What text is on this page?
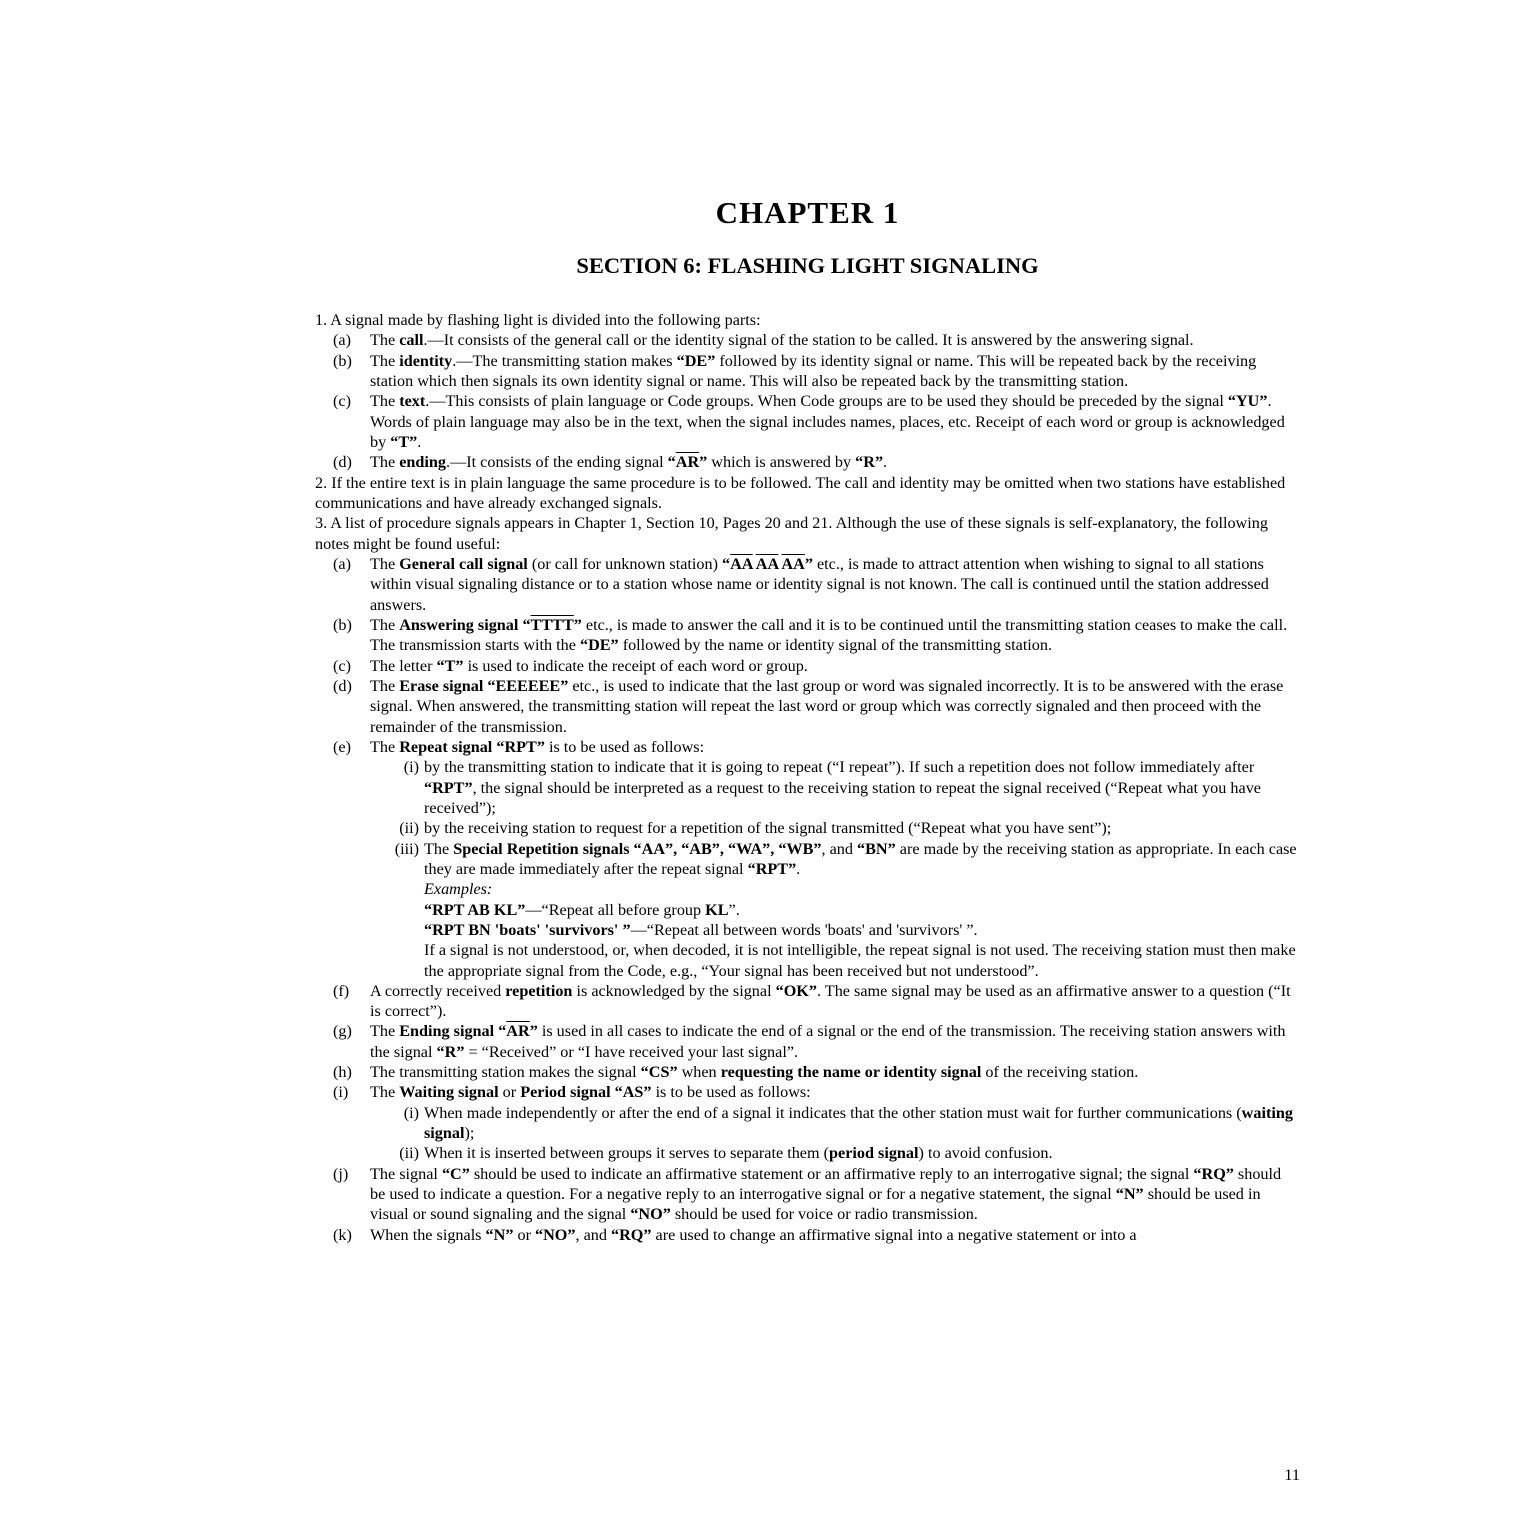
CHAPTER 1
SECTION 6: FLASHING LIGHT SIGNALING

1. A signal made by flashing light is divided into the following parts:

(a)	The call.—It consists of the general call or the identity signal of the station to be called. It is answered by the answering signal.

(b)	The identity.—The transmitting station makes “DE” followed by its identity signal or name. This will be repeated back by the receiving station which then signals its own identity signal or name. This will also be repeated back by the transmitting station.

(c)	The text.—This consists of plain language or Code groups. When Code groups are to be used they should be preceded by the signal “YU”. Words of plain language may also be in the text, when the signal includes names, places, etc. Receipt of each word or group is acknowledged by “T”.

(d)	The ending.—It consists of the ending signal “$\overline{AR}$” which is answered by “R”.

2. If the entire text is in plain language the same procedure is to be followed. The call and identity may be omitted when two stations have established communications and have already exchanged signals.

3. A list of procedure signals appears in Chapter 1, Section 10, Pages 20 and 21. Although the use of these signals is self-explanatory, the following notes might be found useful:

(a)	The General call signal (or call for unknown station) “$\overline{AA}$ $\overline{AA}$ $\overline{AA}$” etc., is made to attract attention when wishing to signal to all stations within visual signaling distance or to a station whose name or identity signal is not known. The call is continued until the station addressed answers.

(b)	The Answering signal “TTTT” etc., is made to answer the call and it is to be continued until the transmitting station ceases to make the call. The transmission starts with the “DE” followed by the name or identity signal of the transmitting station.

(c)	The letter “T” is used to indicate the receipt of each word or group.

(d)	The Erase signal “EEEEEE” etc., is used to indicate that the last group or word was signaled incorrectly. It is to be answered with the erase signal. When answered, the transmitting station will repeat the last word or group which was correctly signaled and then proceed with the remainder of the transmission.

(e)	The Repeat signal “RPT” is to be used as follows:

(i) by the transmitting station to indicate that it is going to repeat (“I repeat”). If such a repetition does not follow immediately after “RPT”, the signal should be interpreted as a request to the receiving station to repeat the signal received (“Repeat what you have received”);

(ii) by the receiving station to request for a repetition of the signal transmitted (“Repeat what you have sent”);

(iii) The Special Repetition signals “AA”, “AB”, “WA”, “WB”, and “BN” are made by the receiving station as appropriate. In each case they are made immediately after the repeat signal “RPT”.
Examples:
“RPT AB KL”—“Repeat all before group KL”.
“RPT BN 'boats' 'survivors' ”—“Repeat all between words 'boats' and 'survivors' ”.
If a signal is not understood, or, when decoded, it is not intelligible, the repeat signal is not used. The receiving station must then make the appropriate signal from the Code, e.g., “Your signal has been received but not understood”.

(f)	A correctly received repetition is acknowledged by the signal “OK”. The same signal may be used as an affirmative answer to a question (“It is correct”).

(g)	The Ending signal “$\overline{AR}$” is used in all cases to indicate the end of a signal or the end of the transmission. The receiving station answers with the signal “R” = “Received” or “I have received your last signal”.

(h)	The transmitting station makes the signal “CS” when requesting the name or identity signal of the receiving station.

(i)	The Waiting signal or Period signal “AS” is to be used as follows:

(i) When made independently or after the end of a signal it indicates that the other station must wait for further communications (waiting signal);

(ii) When it is inserted between groups it serves to separate them (period signal) to avoid confusion.

(j)	The signal “C” should be used to indicate an affirmative statement or an affirmative reply to an interrogative signal; the signal “RQ” should be used to indicate a question. For a negative reply to an interrogative signal or for a negative statement, the signal “N” should be used in visual or sound signaling and the signal “NO” should be used for voice or radio transmission.

(k)	When the signals “N” or “NO”, and “RQ” are used to change an affirmative signal into a negative statement or into a

11
